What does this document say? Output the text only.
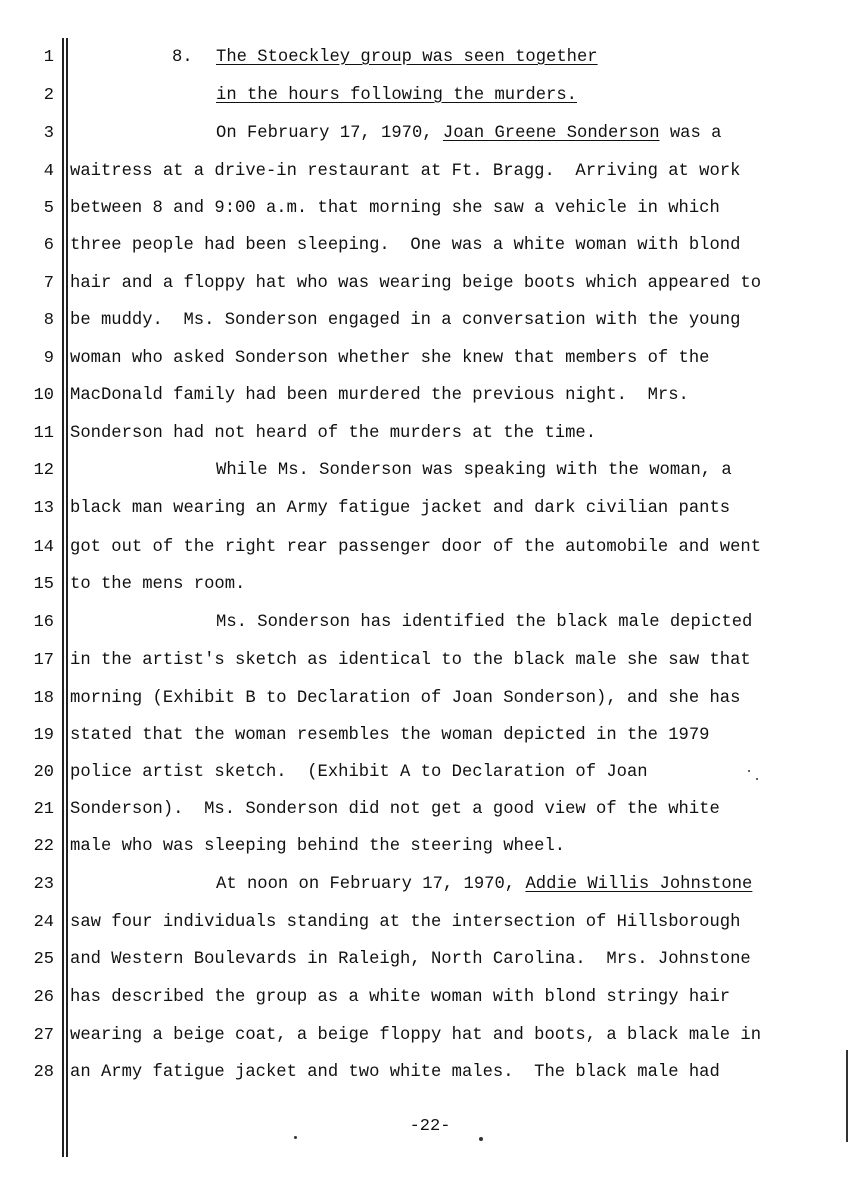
1	8.	The Stoeckley group was seen together
2	in the hours following the murders.
3	On February 17, 1970, Joan Greene Sonderson was a
4 waitress at a drive-in restaurant at Ft. Bragg.  Arriving at work
5 between 8 and 9:00 a.m. that morning she saw a vehicle in which
6 three people had been sleeping.  One was a white woman with blond
7 hair and a floppy hat who was wearing beige boots which appeared to
8 be muddy.  Ms. Sonderson engaged in a conversation with the young
9 woman who asked Sonderson whether she knew that members of the
10 MacDonald family had been murdered the previous night.  Mrs.
11 Sonderson had not heard of the murders at the time.
12	While Ms. Sonderson was speaking with the woman, a
13 black man wearing an Army fatigue jacket and dark civilian pants
14 got out of the right rear passenger door of the automobile and went
15 to the mens room.
16	Ms. Sonderson has identified the black male depicted
17 in the artist's sketch as identical to the black male she saw that
18 morning (Exhibit B to Declaration of Joan Sonderson), and she has
19 stated that the woman resembles the woman depicted in the 1979
20 police artist sketch.  (Exhibit A to Declaration of Joan
21 Sonderson).  Ms. Sonderson did not get a good view of the white
22 male who was sleeping behind the steering wheel.
23	At noon on February 17, 1970, Addie Willis Johnstone
24 saw four individuals standing at the intersection of Hillsborough
25 and Western Boulevards in Raleigh, North Carolina.  Mrs. Johnstone
26 has described the group as a white woman with blond stringy hair
27 wearing a beige coat, a beige floppy hat and boots, a black male in
28 an Army fatigue jacket and two white males.  The black male had
-22-
